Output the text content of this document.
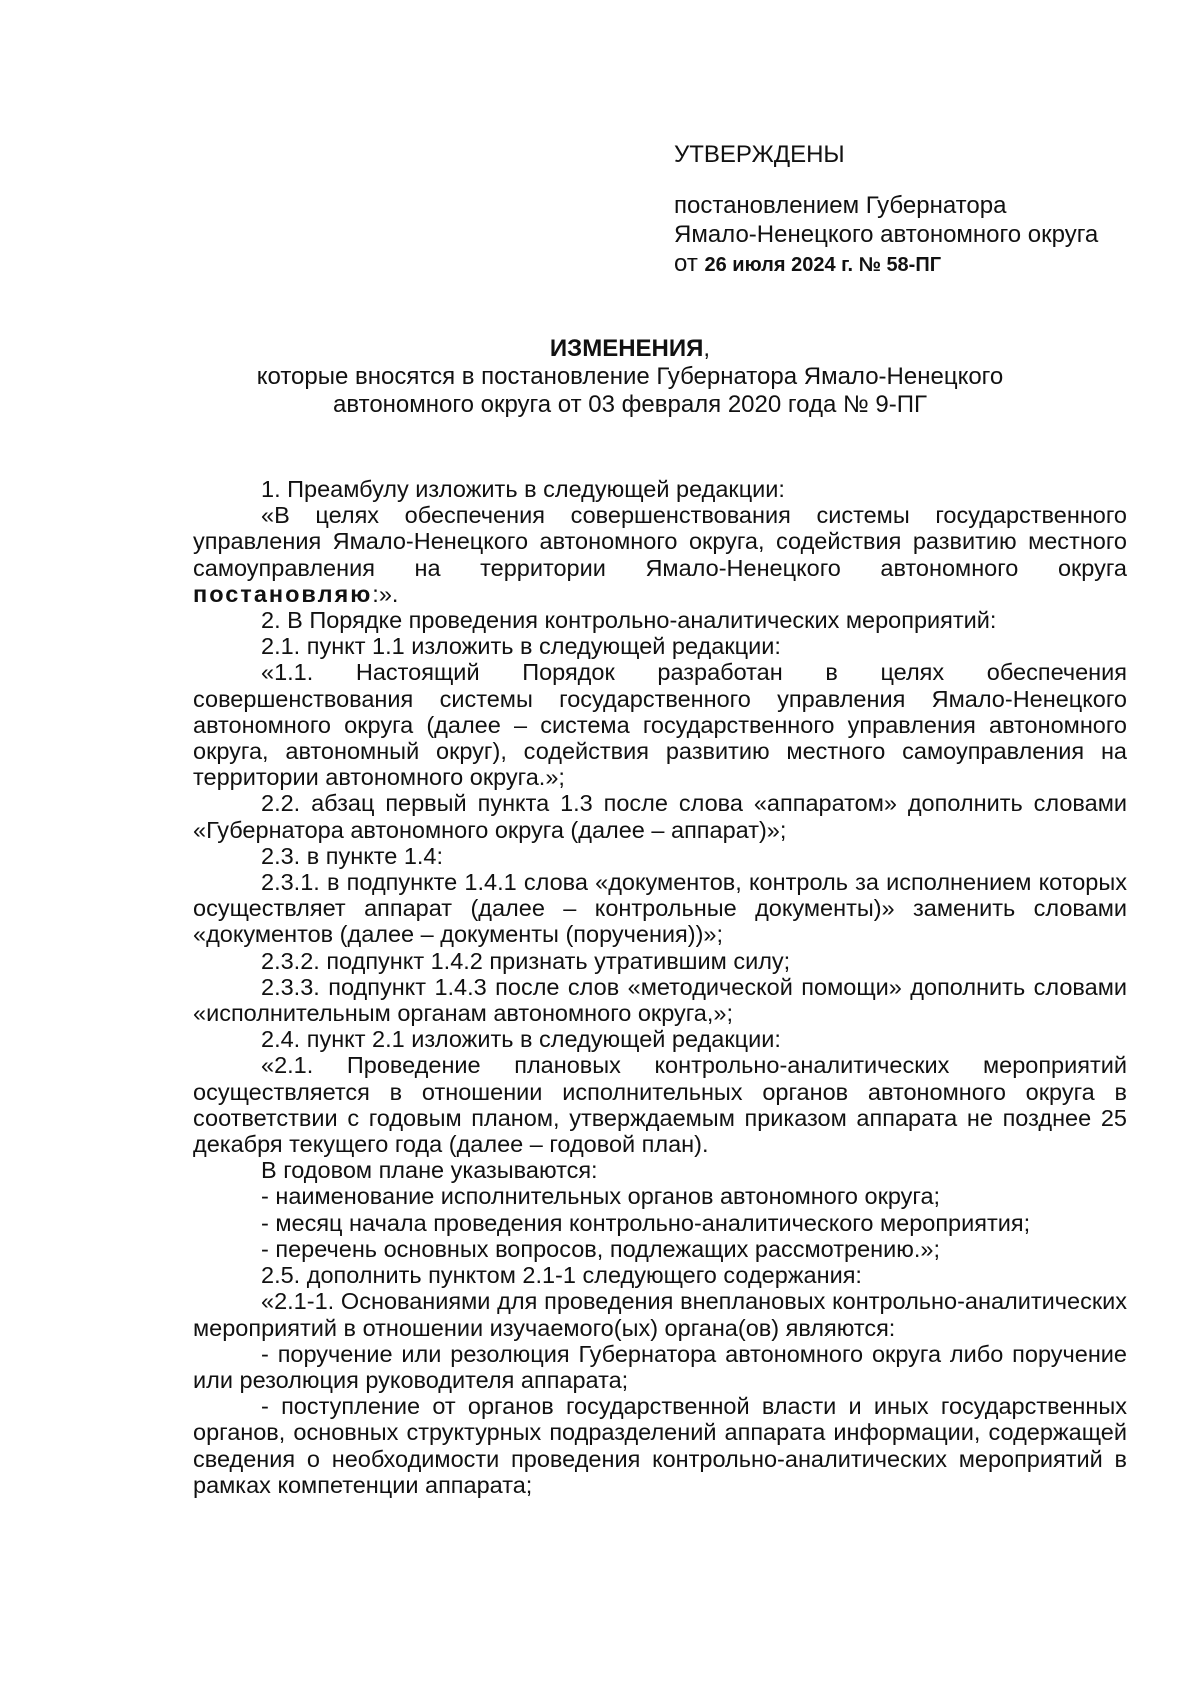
УТВЕРЖДЕНЫ
постановлением Губернатора
Ямало-Ненецкого автономного округа
от 26 июля 2024 г. № 58-ПГ
ИЗМЕНЕНИЯ,
которые вносятся в постановление Губернатора Ямало-Ненецкого
автономного округа от 03 февраля 2020 года № 9-ПГ

1. Преамбулу изложить в следующей редакции:

«В целях обеспечения совершенствования системы государственного управления Ямало-Ненецкого автономного округа, содействия развитию местного самоуправления на территории Ямало-Ненецкого автономного округа постановляю:».

2. В Порядке проведения контрольно-аналитических мероприятий:

2.1. пункт 1.1 изложить в следующей редакции:

«1.1. Настоящий Порядок разработан в целях обеспечения совершенствования системы государственного управления Ямало-Ненецкого автономного округа (далее – система государственного управления автономного округа, автономный округ), содействия развитию местного самоуправления на территории автономного округа.»;

2.2. абзац первый пункта 1.3 после слова «аппаратом» дополнить словами «Губернатора автономного округа (далее – аппарат)»;

2.3. в пункте 1.4:

2.3.1. в подпункте 1.4.1 слова «документов, контроль за исполнением которых осуществляет аппарат (далее – контрольные документы)» заменить словами «документов (далее – документы (поручения))»;

2.3.2. подпункт 1.4.2 признать утратившим силу;

2.3.3. подпункт 1.4.3 после слов «методической помощи» дополнить словами «исполнительным органам автономного округа,»;

2.4. пункт 2.1 изложить в следующей редакции:

«2.1. Проведение плановых контрольно-аналитических мероприятий осуществляется в отношении исполнительных органов автономного округа в соответствии с годовым планом, утверждаемым приказом аппарата не позднее 25 декабря текущего года (далее – годовой план).

В годовом плане указываются:

- наименование исполнительных органов автономного округа;

- месяц начала проведения контрольно-аналитического мероприятия;

- перечень основных вопросов, подлежащих рассмотрению.»;

2.5. дополнить пунктом 2.1-1 следующего содержания:

«2.1-1. Основаниями для проведения внеплановых контрольно-аналитических мероприятий в отношении изучаемого(ых) органа(ов) являются:

- поручение или резолюция Губернатора автономного округа либо поручение или резолюция руководителя аппарата;

- поступление от органов государственной власти и иных государственных органов, основных структурных подразделений аппарата информации, содержащей сведения о необходимости проведения контрольно-аналитических мероприятий в рамках компетенции аппарата;
